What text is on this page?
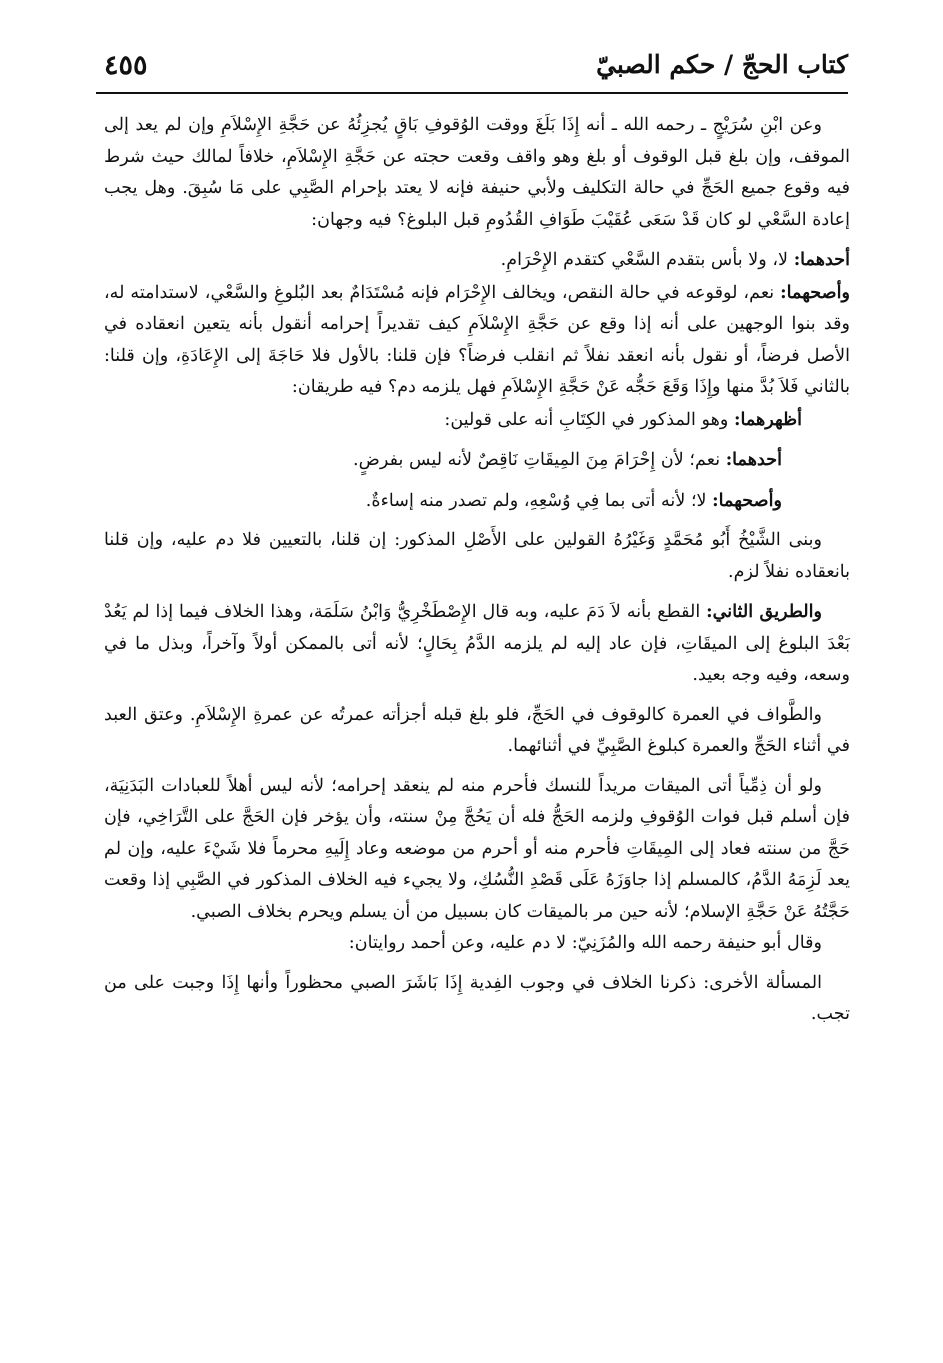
كتاب الحجّ / حكم الصبيّ
٤٥٥

وعن ابْنِ سُرَيْجٍ ـ رحمه الله ـ أنه إِذَا بَلَغَ ووقت الوُقوفِ بَاقٍ يُجزِئُهُ عن حَجَّةِ الإِسْلاَمِ وإن لم يعد إلى الموقف، وإن بلغ قبل الوقوف أو بلغ وهو واقف وقعت حجته عن حَجَّةِ الإِسْلاَمِ، خلافاً لمالك حيث شرط فيه وقوع جميع الحَجِّ في حالة التكليف ولأبي حنيفة فإنه لا يعتد بإحرام الصَّبِي على مَا سُبِقَ. وهل يجب إعادة السَّعْي لو كان قَدْ سَعَى عُقَيْبَ طَوَافِ القُدُومِ قبل البلوغ؟ فيه وجهان:

أحدهما: لا، ولا بأس بتقدم السَّعْي كتقدم الإِحْرَامِ.

وأصحهما: نعم، لوقوعه في حالة النقص، ويخالف الإِحْرَام فإنه مُسْتَدَامٌ بعد البُلوغِ والسَّعْي، لاستدامته له، وقد بنوا الوجهين على أنه إذا وقع عن حَجَّةِ الإِسْلاَمِ كيف تقديراً إحرامه أنقول بأنه يتعين انعقاده في الأصل فرضاً، أو نقول بأنه انعقد نفلاً ثم انقلب فرضاً؟ فإن قلنا: بالأول فلا حَاجَةَ إلى الإِعَادَةِ، وإن قلنا: بالثاني فَلاَ بُدَّ منها وإِذَا وَقَعَ حَجُّه عَنْ حَجَّةِ الإِسْلاَمِ فهل يلزمه دم؟ فيه طريقان:

أظهرهما: وهو المذكور في الكِتَابِ أنه على قولين:

أحدهما: نعم؛ لأن إِحْرَامَ مِنَ المِيقَاتِ نَاقِصٌ لأنه ليس بفرضٍ.

وأصحهما: لا؛ لأنه أتى بما فِي وُسْعِهِ، ولم تصدر منه إساءةٌ.

وبنى الشَّيْخُ أَبُو مُحَمَّدٍ وَغَيْرُهُ القولين على الأَصْلِ المذكور: إن قلنا، بالتعيين فلا دم عليه، وإن قلنا بانعقاده نفلاً لزم.

والطريق الثاني: القطع بأنه لاَ دَمَ عليه، وبه قال الإِصْطَخْرِيُّ وَابْنُ سَلَمَة، وهذا الخلاف فيما إذا لم يَعُدْ بَعْدَ البلوغ إلى الميقَاتِ، فإن عاد إليه لم يلزمه الدَّمُ بِحَالٍ؛ لأنه أتى بالممكن أولاً وآخراً، وبذل ما في وسعه، وفيه وجه بعيد.

والطَّواف في العمرة كالوقوف في الحَجِّ، فلو بلغ قبله أجزأته عمرتُه عن عمرةِ الإِسْلاَمِ. وعتق العبد في أثناء الحَجِّ والعمرة كبلوغ الصَّبِيِّ في أثنائهما.

ولو أن ذِمِّياً أتى الميقات مريداً للنسك فأحرم منه لم ينعقد إحرامه؛ لأنه ليس أهلاً للعبادات البَدَنِيَة، فإن أسلم قبل فوات الوُقوفِ ولزمه الحَجُّ فله أن يَحُجَّ مِنْ سنته، وأن يؤخر فإن الحَجَّ على التَّرَاخِي، فإن حَجَّ من سنته فعاد إلى المِيقَاتِ فأحرم منه أو أحرم من موضعه وعاد إِلَيهِ محرماً فلا شَيْءَ عليه، وإن لم يعد لَزِمَهُ الدَّمُ، كالمسلم إذا جاوَزَهُ عَلَى قَصْدِ النُّسُكِ، ولا يجيء فيه الخلاف المذكور في الصَّبِي إذا وقعت حَجَّتُهُ عَنْ حَجَّةِ الإسلام؛ لأنه حين مر بالميقات كان بسبيل من أن يسلم ويحرم بخلاف الصبي.

وقال أبو حنيفة رحمه الله والمُزَنِيّ: لا دم عليه، وعن أحمد روايتان:

المسألة الأخرى: ذكرنا الخلاف في وجوب الفِدية إِذَا بَاشَرَ الصبي محظوراً وأنها إِذَا وجبت على من تجب.
